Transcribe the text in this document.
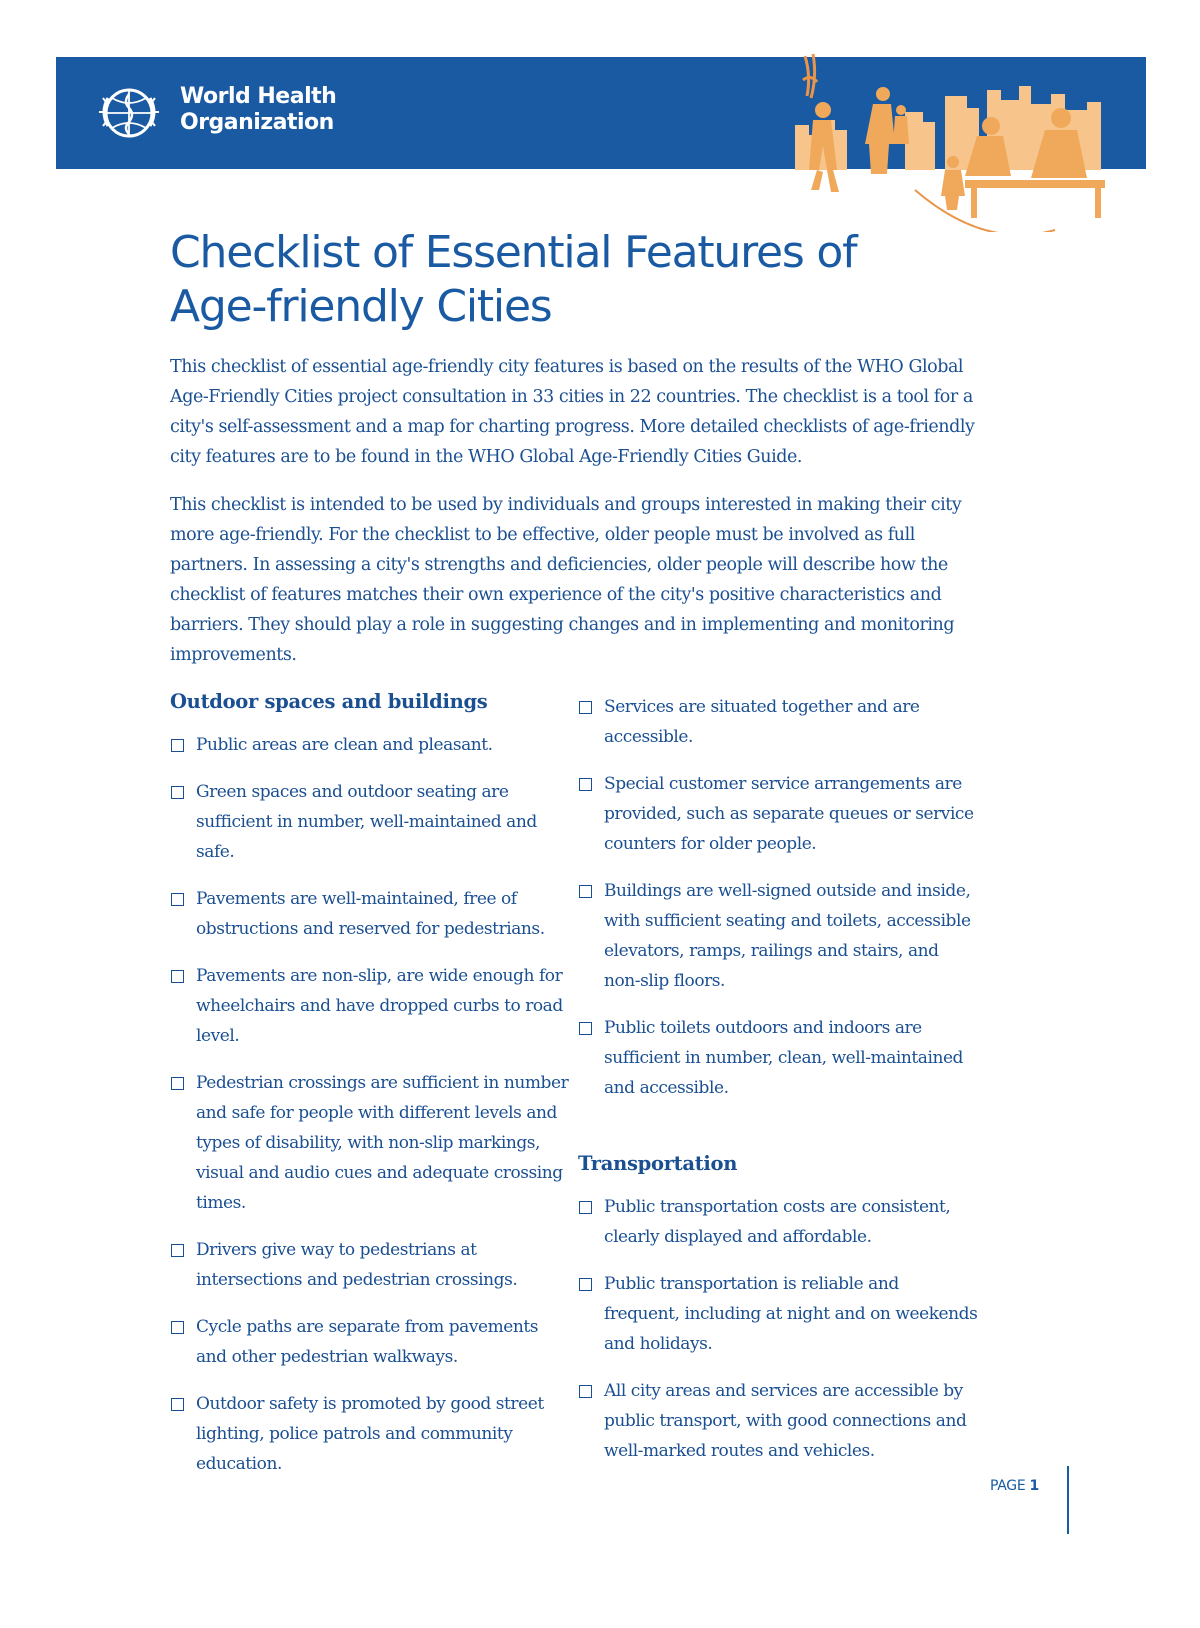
World Health
Organization
Checklist of Essential Features of
Age-friendly Cities

This checklist of essential age-friendly city features is based on the results of the WHO Global Age-Friendly Cities project consultation in 33 cities in 22 countries. The checklist is a tool for a city's self-assessment and a map for charting progress. More detailed checklists of age-friendly city features are to be found in the WHO Global Age-Friendly Cities Guide.

This checklist is intended to be used by individuals and groups interested in making their city more age-friendly. For the checklist to be effective, older people must be involved as full partners. In assessing a city's strengths and deficiencies, older people will describe how the checklist of features matches their own experience of the city's positive characteristics and barriers. They should play a role in suggesting changes and in implementing and monitoring improvements.

Outdoor spaces and buildings
Public areas are clean and pleasant.
Green spaces and outdoor seating are sufficient in number, well-maintained and safe.
Pavements are well-maintained, free of obstructions and reserved for pedestrians.
Pavements are non-slip, are wide enough for wheelchairs and have dropped curbs to road level.
Pedestrian crossings are sufficient in number and safe for people with different levels and types of disability, with non-slip markings, visual and audio cues and adequate crossing times.
Drivers give way to pedestrians at intersections and pedestrian crossings.
Cycle paths are separate from pavements and other pedestrian walkways.
Outdoor safety is promoted by good street lighting, police patrols and community education.
Services are situated together and are accessible.
Special customer service arrangements are provided, such as separate queues or service counters for older people.
Buildings are well-signed outside and inside, with sufficient seating and toilets, accessible elevators, ramps, railings and stairs, and non-slip floors.
Public toilets outdoors and indoors are sufficient in number, clean, well-maintained and accessible.
Transportation
Public transportation costs are consistent, clearly displayed and affordable.
Public transportation is reliable and frequent, including at night and on weekends and holidays.
All city areas and services are accessible by public transport, with good connections and well-marked routes and vehicles.
PAGE 1
